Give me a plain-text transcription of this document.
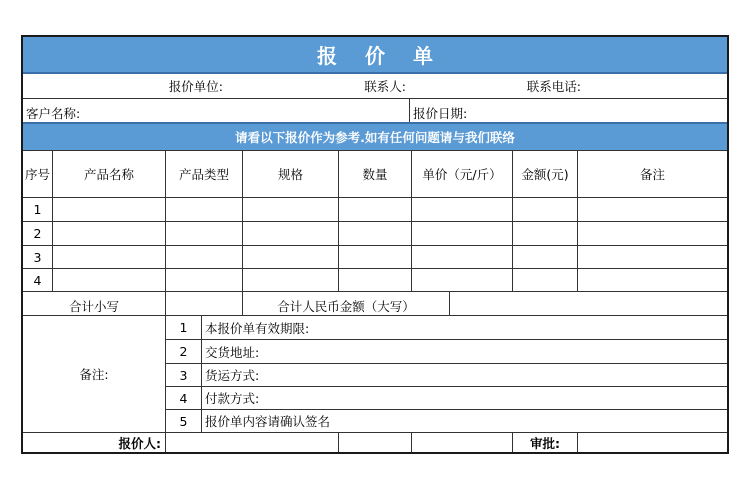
报价单
报价单位:	联系人:	联系电话:
客户名称:	报价日期:
请看以下报价作为参考.如有任何问题请与我们联络
序号	产品名称	产品类型	规格	数量	单价（元/斤）	金额(元)	备注
1
2
3
4
合计小写	合计人民币金额（大写）
备注:
1	本报价单有效期限:
2	交货地址:
3	货运方式:
4	付款方式:
5	报价单内容请确认签名
报价人:	审批:
